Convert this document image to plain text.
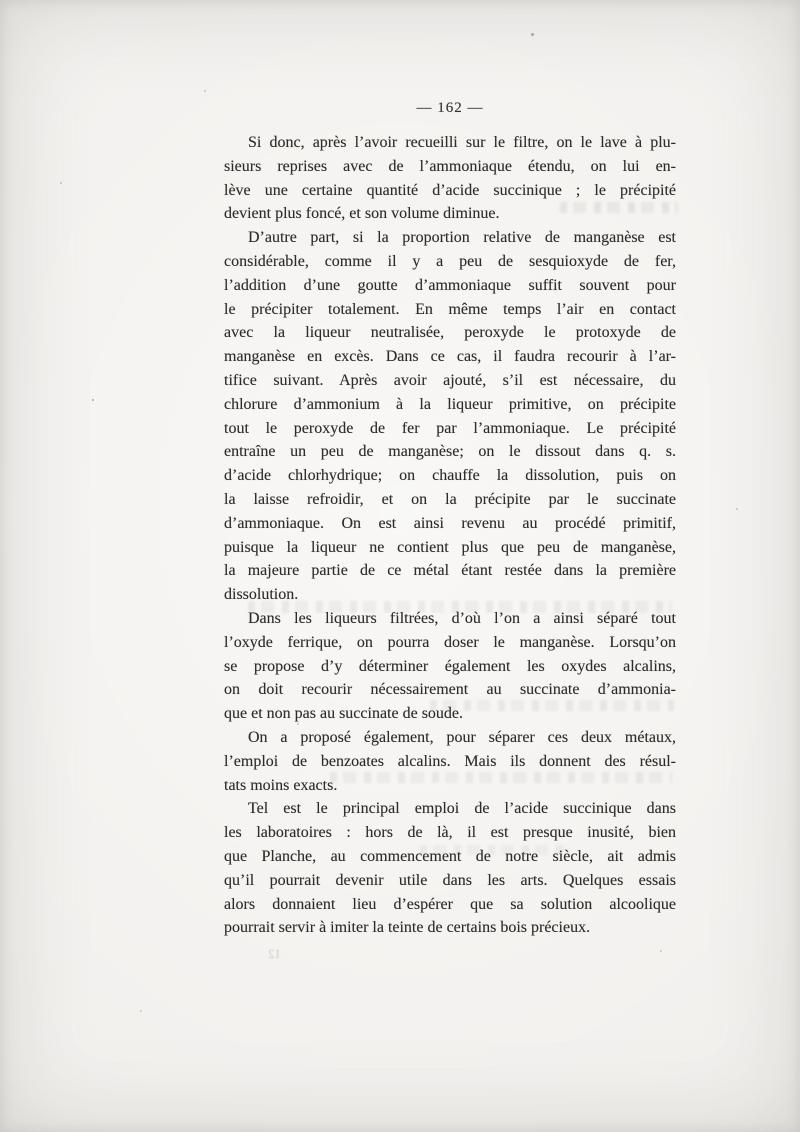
— 162 —
Si donc, après l’avoir recueilli sur le filtre, on le lave à plu-
sieurs reprises avec de l’ammoniaque étendu, on lui en-
lève une certaine quantité d’acide succinique ; le précipité
devient plus foncé, et son volume diminue.
D’autre part, si la proportion relative de manganèse est
considérable, comme il y a peu de sesquioxyde de fer,
l’addition d’une goutte d’ammoniaque suffit souvent pour
le précipiter totalement. En même temps l’air en contact
avec la liqueur neutralisée, peroxyde le protoxyde de
manganèse en excès. Dans ce cas, il faudra recourir à l’ar-
tifice suivant. Après avoir ajouté, s’il est nécessaire, du
chlorure d’ammonium à la liqueur primitive, on précipite
tout le peroxyde de fer par l’ammoniaque. Le précipité
entraîne un peu de manganèse; on le dissout dans q. s.
d’acide chlorhydrique; on chauffe la dissolution, puis on
la laisse refroidir, et on la précipite par le succinate
d’ammoniaque. On est ainsi revenu au procédé primitif,
puisque la liqueur ne contient plus que peu de manganèse,
la majeure partie de ce métal étant restée dans la première
dissolution.
Dans les liqueurs filtrées, d’où l’on a ainsi séparé tout
l’oxyde ferrique, on pourra doser le manganèse. Lorsqu’on
se propose d’y déterminer également les oxydes alcalins,
on doit recourir nécessairement au succinate d’ammonia-
que et non pas au succinate de soude.
On a proposé également, pour séparer ces deux métaux,
l’emploi de benzoates alcalins. Mais ils donnent des résul-
tats moins exacts.
Tel est le principal emploi de l’acide succinique dans
les laboratoires : hors de là, il est presque inusité, bien
que Planche, au commencement de notre siècle, ait admis
qu’il pourrait devenir utile dans les arts. Quelques essais
alors donnaient lieu d’espérer que sa solution alcoolique
pourrait servir à imiter la teinte de certains bois précieux.
12
